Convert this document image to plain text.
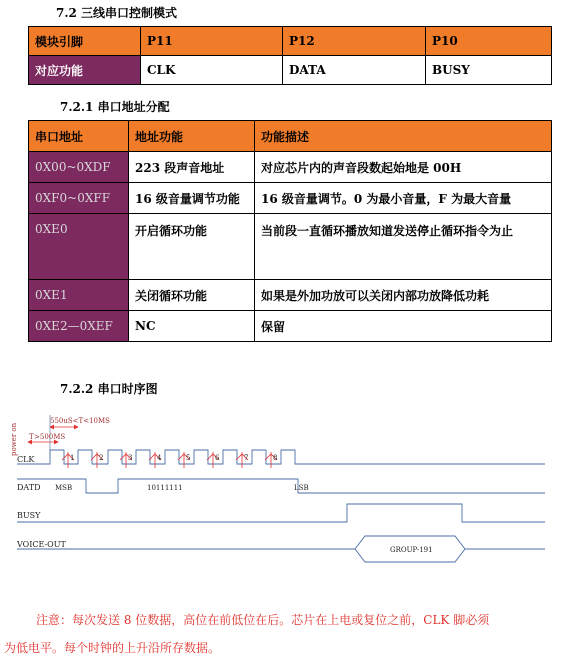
7.2 三线串口控制模式
模块引脚	P11	P12	P10
对应功能	CLK	DATA	BUSY
7.2.1 串口地址分配
串口地址	地址功能	功能描述
0X00~0XDF	223 段声音地址	对应芯片内的声音段数起始地是 00H
0XF0~0XFF	16 级音量调节功能	16 级音量调节。0 为最小音量，F 为最大音量
0XE0	开启循环功能	当前段一直循环播放知道发送停止循环指令为止
0XE1	关闭循环功能	如果是外加功放可以关闭内部功放降低功耗
0XE2—0XEF	NC	保留
7.2.2 串口时序图
power on
550uS<T<10MS
T >500MS
CLK
DATD
BUSY
VOICE-OUT
1	2	3	4	5	6	7	8
MSB	10111111	LSB
GROUP-191
注意：每次发送 8 位数据，高位在前低位在后。芯片在上电或复位之前，CLK 脚必须
为低电平。每个时钟的上升沿所存数据。
